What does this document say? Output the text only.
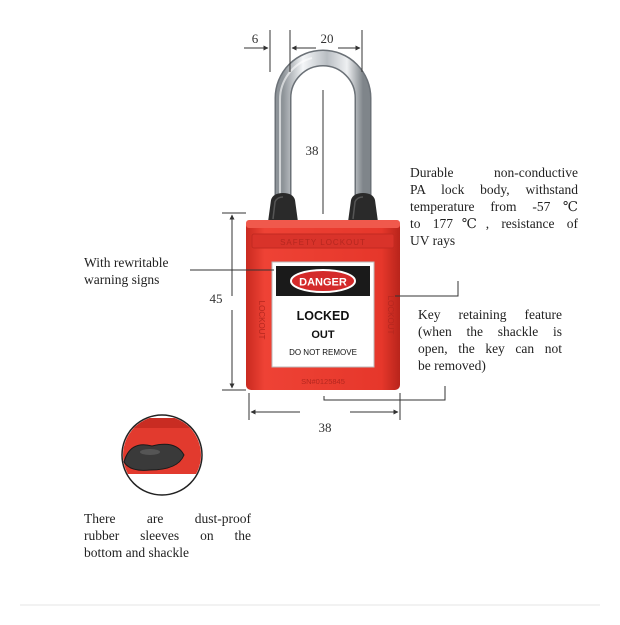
SAFETY LOCKOUT
LOCKOUT	LOCKOUT
SN#0125845
DANGER
LOCKED
OUT
DO NOT REMOVE
6	20
38
45
38
Durable non-conductive
PA lock body, withstand
temperature from -57℃
to 177℃, resistance of
UV rays
With rewritable
warning signs
Key retaining feature
(when the shackle is
open, the key can not
be removed)
There are dust-proof
rubber sleeves on the
bottom and shackle
